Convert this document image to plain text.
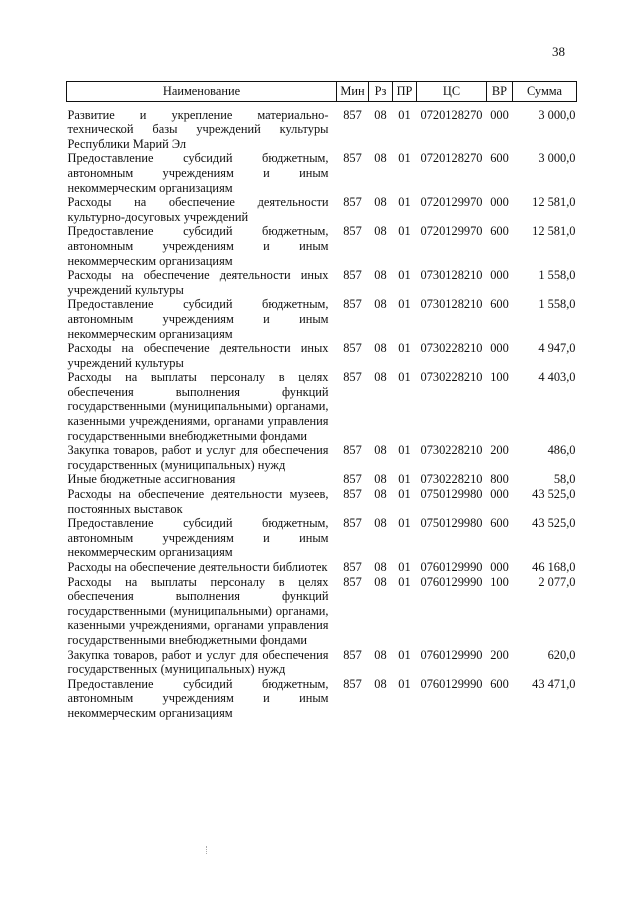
38
Наименование	Мин	Рз	ПР	ЦС	ВР	Сумма

Развитие и укрепление материально-технической базы учреждений культуры Республики Марий Эл	857	08	01	0720128270	000	3 000,0
Предоставление субсидий бюджетным, автономным учреждениям и иным некоммерческим организациям	857	08	01	0720128270	600	3 000,0
Расходы на обеспечение деятельности культурно-досуговых учреждений	857	08	01	0720129970	000	12 581,0
Предоставление субсидий бюджетным, автономным учреждениям и иным некоммерческим организациям	857	08	01	0720129970	600	12 581,0
Расходы на обеспечение деятельности иных учреждений культуры	857	08	01	0730128210	000	1 558,0
Предоставление субсидий бюджетным, автономным учреждениям и иным некоммерческим организациям	857	08	01	0730128210	600	1 558,0
Расходы на обеспечение деятельности иных учреждений культуры	857	08	01	0730228210	000	4 947,0
Расходы на выплаты персоналу в целях обеспечения выполнения функций государственными (муниципальными) органами, казенными учреждениями, органами управления государственными внебюджетными фондами	857	08	01	0730228210	100	4 403,0
Закупка товаров, работ и услуг для обеспечения государственных (муниципальных) нужд	857	08	01	0730228210	200	486,0
Иные бюджетные ассигнования	857	08	01	0730228210	800	58,0
Расходы на обеспечение деятельности музеев, постоянных выставок	857	08	01	0750129980	000	43 525,0
Предоставление субсидий бюджетным, автономным учреждениям и иным некоммерческим организациям	857	08	01	0750129980	600	43 525,0
Расходы на обеспечение деятельности библиотек	857	08	01	0760129990	000	46 168,0
Расходы на выплаты персоналу в целях обеспечения выполнения функций государственными (муниципальными) органами, казенными учреждениями, органами управления государственными внебюджетными фондами	857	08	01	0760129990	100	2 077,0
Закупка товаров, работ и услуг для обеспечения государственных (муниципальных) нужд	857	08	01	0760129990	200	620,0
Предоставление субсидий бюджетным, автономным учреждениям и иным некоммерческим организациям	857	08	01	0760129990	600	43 471,0
